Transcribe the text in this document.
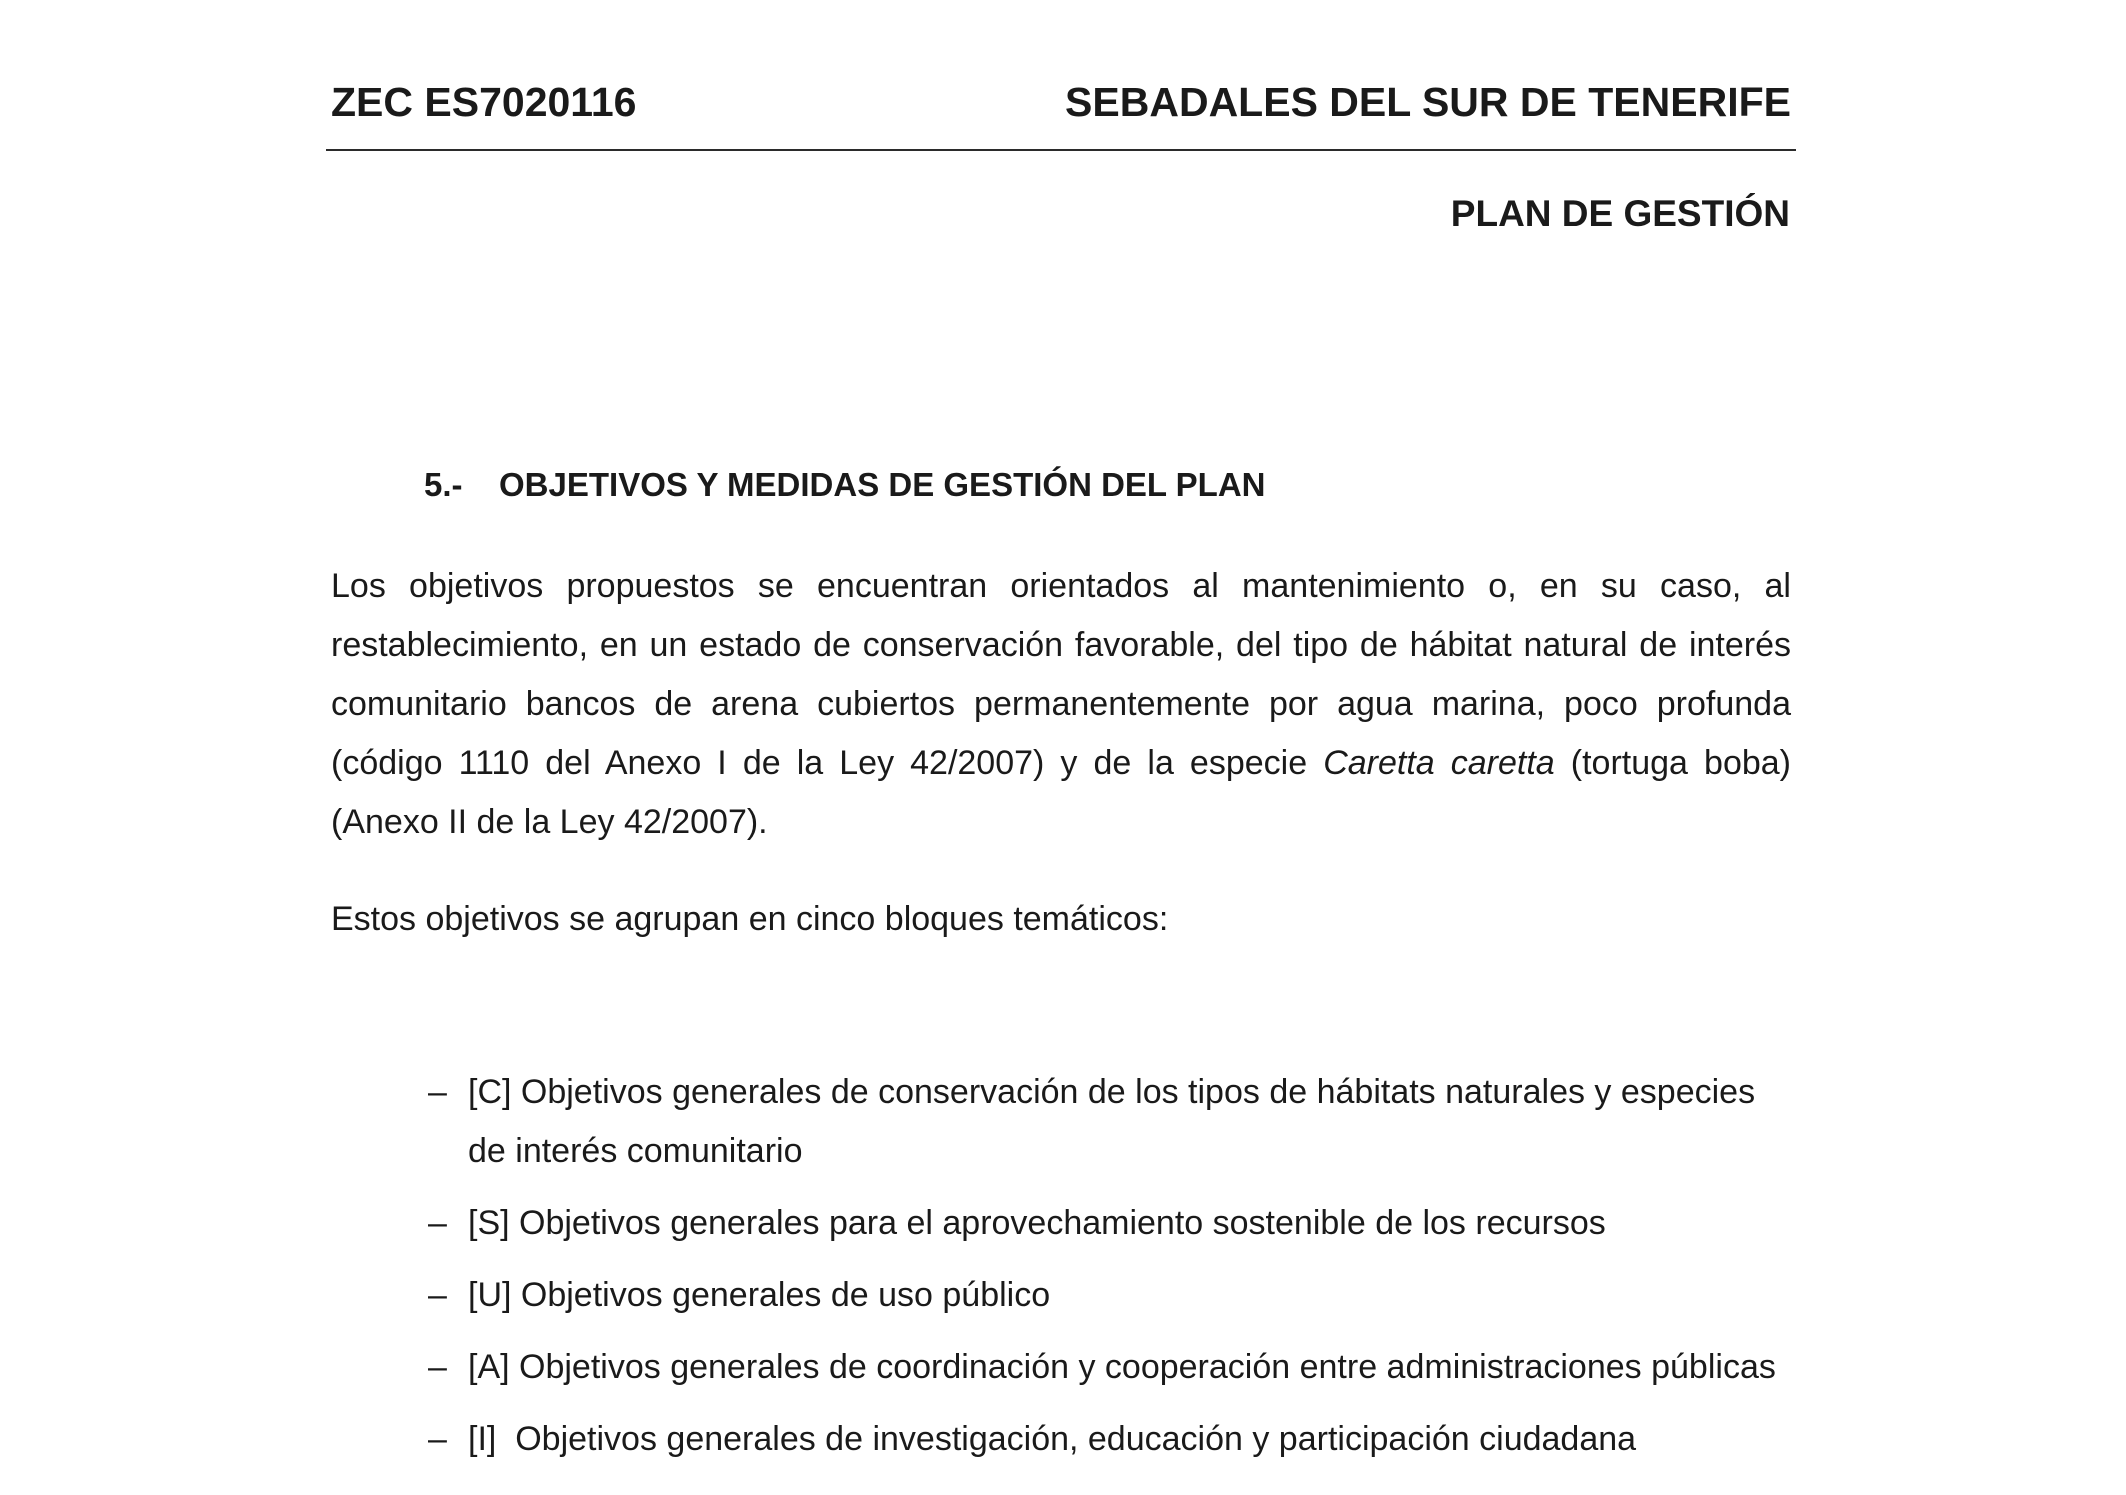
ZEC ES7020116	SEBADALES DEL SUR DE TENERIFE
PLAN DE GESTIÓN
5.- OBJETIVOS Y MEDIDAS DE GESTIÓN DEL PLAN

Los objetivos propuestos se encuentran orientados al mantenimiento o, en su caso, al restablecimiento, en un estado de conservación favorable, del tipo de hábitat natural de interés comunitario bancos de arena cubiertos permanentemente por agua marina, poco profunda (código 1110 del Anexo I de la Ley 42/2007) y de la especie Caretta caretta (tortuga boba) (Anexo II de la Ley 42/2007).

Estos objetivos se agrupan en cinco bloques temáticos:

– [C] Objetivos generales de conservación de los tipos de hábitats naturales y especies de interés comunitario
– [S] Objetivos generales para el aprovechamiento sostenible de los recursos
– [U] Objetivos generales de uso público
– [A] Objetivos generales de coordinación y cooperación entre administraciones públicas
– [I]  Objetivos generales de investigación, educación y participación ciudadana
